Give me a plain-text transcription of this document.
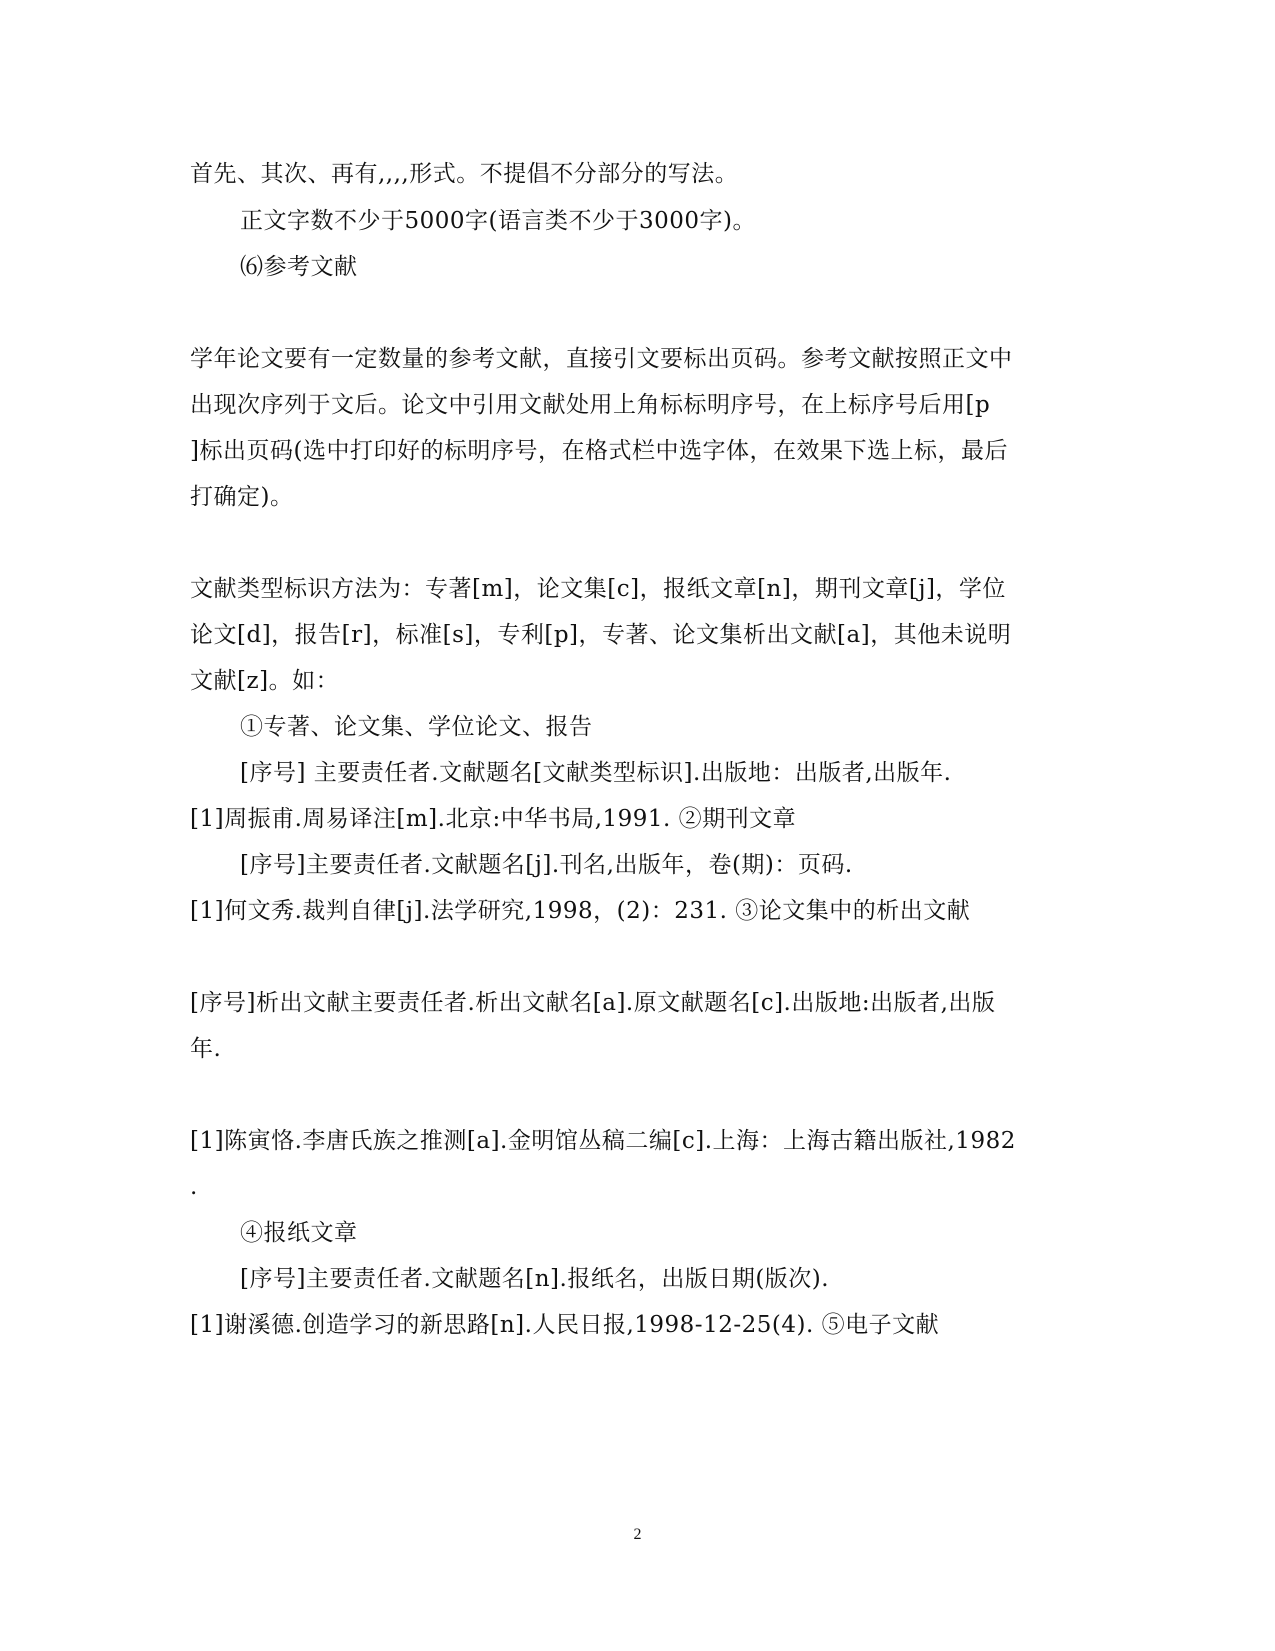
首先、其次、再有,,,,形式。不提倡不分部分的写法。
正文字数不少于5000字(语言类不少于3000字)。
⑹参考文献
学年论文要有一定数量的参考文献，直接引文要标出页码。参考文献按照正文中
出现次序列于文后。论文中引用文献处用上角标标明序号，在上标序号后用[p
]标出页码(选中打印好的标明序号，在格式栏中选字体，在效果下选上标，最后
打确定)。
文献类型标识方法为：专著[m]，论文集[c]，报纸文章[n]，期刊文章[j]，学位
论文[d]，报告[r]，标准[s]，专利[p]，专著、论文集析出文献[a]，其他未说明
文献[z]。如：
①专著、论文集、学位论文、报告
[序号] 主要责任者.文献题名[文献类型标识].出版地：出版者,出版年.
[1]周振甫.周易译注[m].北京:中华书局,1991. ②期刊文章
[序号]主要责任者.文献题名[j].刊名,出版年，卷(期)：页码.
[1]何文秀.裁判自律[j].法学研究,1998，(2)：231. ③论文集中的析出文献
[序号]析出文献主要责任者.析出文献名[a].原文献题名[c].出版地:出版者,出版
年.
[1]陈寅恪.李唐氏族之推测[a].金明馆丛稿二编[c].上海：上海古籍出版社,1982
.
④报纸文章
[序号]主要责任者.文献题名[n].报纸名，出版日期(版次).
[1]谢溪德.创造学习的新思路[n].人民日报,1998-12-25(4). ⑤电子文献
2
